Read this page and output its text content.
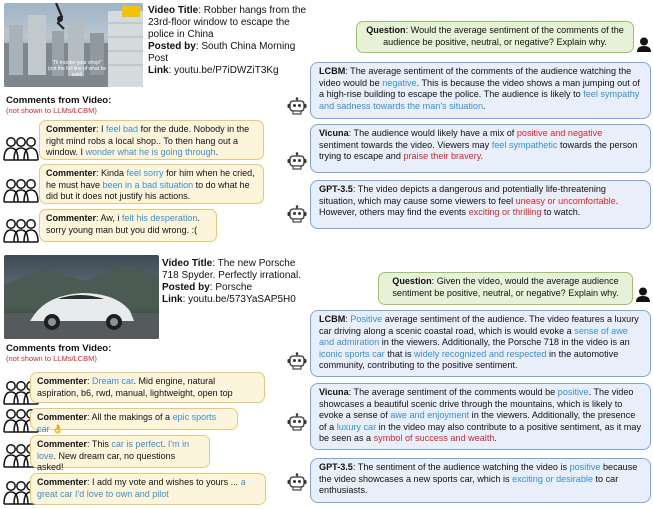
"I'll murder your shop!"
(not the full line of what he said)
Video Title: Robber hangs from the 23rd-floor window to escape the police in China
Posted by: South China Morning Post
Link: youtu.be/P7iDWZiT3Kg
Comments from Video:
(not shown to LLMs/LCBM)
Commenter: I feel bad for the dude. Nobody in the right mind robs a local shop.. To then hang out a window. I wonder what he is going through.
Commenter: Kinda feel sorry for him when he cried, he must have been in a bad situation to do what he did but it does not justify his actions.
Commenter: Aw, i felt his desperation. sorry young man but you did wrong. :(
Question: Would the average sentiment of the comments of the audience be positive, neutral, or negative? Explain why.
LCBM: The average sentiment of the comments of the audience watching the video would be negative. This is because the video shows a man jumping out of a high-rise building to escape the police. The audience is likely to feel sympathy and sadness towards the man's situation.
Vicuna: The audience would likely have a mix of positive and negative sentiment towards the video. Viewers may feel sympathetic towards the person trying to escape and praise their bravery.
GPT-3.5: The video depicts a dangerous and potentially life-threatening situation, which may cause some viewers to feel uneasy or uncomfortable. However, others may find the events exciting or thrilling to watch.
Video Title: The new Porsche 718 Spyder. Perfectly irrational.
Posted by: Porsche
Link: youtu.be/573YaSAP5H0
Comments from Video:
(not shown to LLMs/LCBM)
Commenter: Dream car. Mid engine, natural aspiration, b6, rwd, manual, lightweight, open top
Commenter: All the makings of a epic sports car 👌
Commenter: This car is perfect. I'm in love. New dream car, no questions asked!
Commenter: I add my vote and wishes to yours ... a great car I'd love to own and pilot
Question: Given the video, would the average audience sentiment be positive, neutral, or negative? Explain why.
LCBM: Positive average sentiment of the audience. The video features a luxury car driving along a scenic coastal road, which is would evoke a sense of awe and admiration in the viewers. Additionally, the Porsche 718 in the video is an iconic sports car that is widely recognized and respected in the automotive community, contributing to the positive sentiment.
Vicuna: The average sentiment of the comments would be positive. The video showcases a beautiful scenic drive through the mountains, which is likely to evoke a sense of awe and enjoyment in the viewers. Additionally, the presence of a luxury car in the video may also contribute to a positive sentiment, as it may be seen as a symbol of success and wealth.
GPT-3.5: The sentiment of the audience watching the video is positive because the video showcases a new sports car, which is exciting or desirable to car enthusiasts.
